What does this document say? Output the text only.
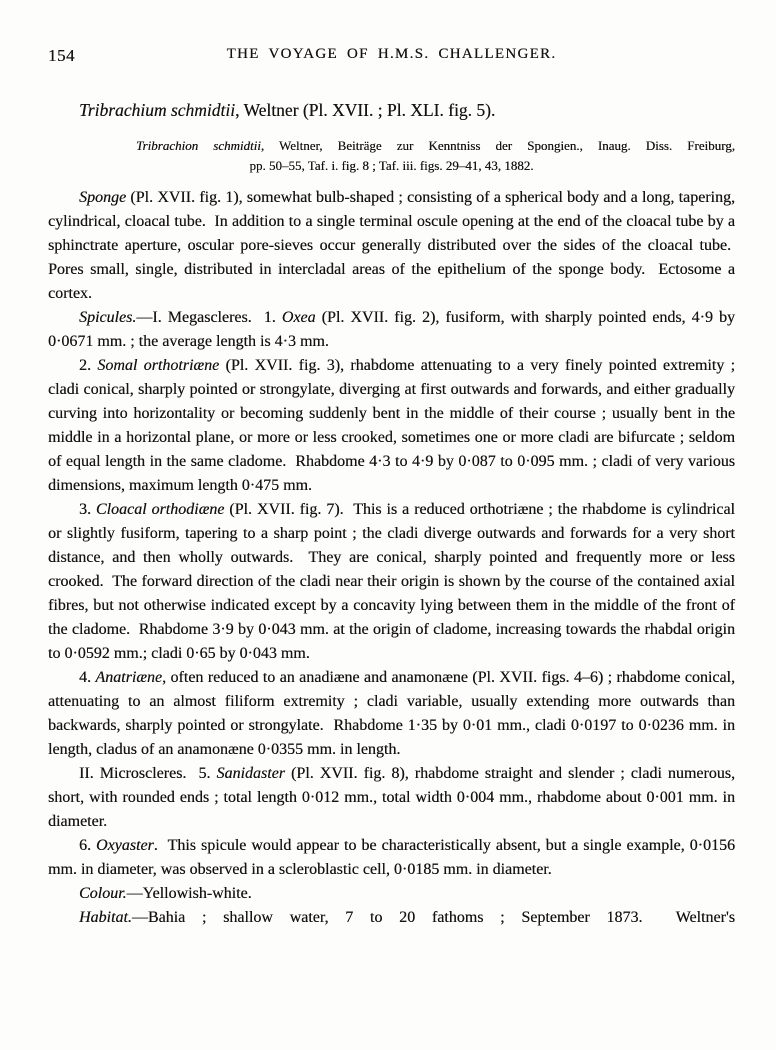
154	THE VOYAGE OF H.M.S. CHALLENGER.
Tribrachium schmidtii, Weltner (Pl. XVII. ; Pl. XLI. fig. 5).
Tribrachion schmidtii, Weltner, Beiträge zur Kenntniss der Spongien., Inaug. Diss. Freiburg,
pp. 50–55, Taf. i. fig. 8 ; Taf. iii. figs. 29–41, 43, 1882.

Sponge (Pl. XVII. fig. 1), somewhat bulb-shaped ; consisting of a spherical body and a long, tapering, cylindrical, cloacal tube.  In addition to a single terminal oscule opening at the end of the cloacal tube by a sphinctrate aperture, oscular pore-sieves occur generally distributed over the sides of the cloacal tube.  Pores small, single, distributed in intercladal areas of the epithelium of the sponge body.  Ectosome a cortex.

Spicules.—I. Megascleres.  1. Oxea (Pl. XVII. fig. 2), fusiform, with sharply pointed ends, 4·9 by 0·0671 mm. ; the average length is 4·3 mm.

2. Somal orthotriæne (Pl. XVII. fig. 3), rhabdome attenuating to a very finely pointed extremity ; cladi conical, sharply pointed or strongylate, diverging at first outwards and forwards, and either gradually curving into horizontality or becoming suddenly bent in the middle of their course ; usually bent in the middle in a horizontal plane, or more or less crooked, sometimes one or more cladi are bifurcate ; seldom of equal length in the same cladome.  Rhabdome 4·3 to 4·9 by 0·087 to 0·095 mm. ; cladi of very various dimensions, maximum length 0·475 mm.

3. Cloacal orthodiæne (Pl. XVII. fig. 7).  This is a reduced orthotriæne ; the rhabdome is cylindrical or slightly fusiform, tapering to a sharp point ; the cladi diverge outwards and forwards for a very short distance, and then wholly outwards.  They are conical, sharply pointed and frequently more or less crooked.  The forward direction of the cladi near their origin is shown by the course of the contained axial fibres, but not otherwise indicated except by a concavity lying between them in the middle of the front of the cladome.  Rhabdome 3·9 by 0·043 mm. at the origin of cladome, increasing towards the rhabdal origin to 0·0592 mm.; cladi 0·65 by 0·043 mm.

4. Anatriæne, often reduced to an anadiæne and anamonæne (Pl. XVII. figs. 4–6) ; rhabdome conical, attenuating to an almost filiform extremity ; cladi variable, usually extending more outwards than backwards, sharply pointed or strongylate.  Rhabdome 1·35 by 0·01 mm., cladi 0·0197 to 0·0236 mm. in length, cladus of an anamonæne 0·0355 mm. in length.

II. Microscleres.  5. Sanidaster (Pl. XVII. fig. 8), rhabdome straight and slender ; cladi numerous, short, with rounded ends ; total length 0·012 mm., total width 0·004 mm., rhabdome about 0·001 mm. in diameter.

6. Oxyaster.  This spicule would appear to be characteristically absent, but a single example, 0·0156 mm. in diameter, was observed in a scleroblastic cell, 0·0185 mm. in diameter.

Colour.—Yellowish-white.

Habitat.—Bahia ; shallow water, 7 to 20 fathoms ; September 1873.  Weltner's
